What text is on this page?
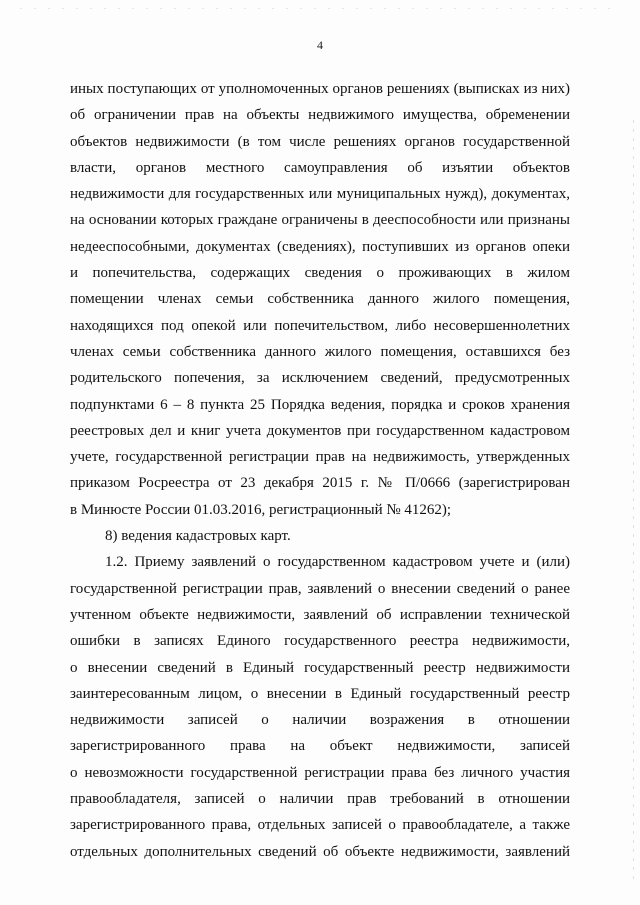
4
иных поступающих от уполномоченных органов решениях (выписках из них)
об ограничении прав на объекты недвижимого имущества, обременении
объектов недвижимости (в том числе решениях органов государственной
власти, органов местного самоуправления об изъятии объектов
недвижимости для государственных или муниципальных нужд), документах,
на основании которых граждане ограничены в дееспособности или признаны
недееспособными, документах (сведениях), поступивших из органов опеки
и попечительства, содержащих сведения о проживающих в жилом
помещении членах семьи собственника данного жилого помещения,
находящихся под опекой или попечительством, либо несовершеннолетних
членах семьи собственника данного жилого помещения, оставшихся без
родительского попечения, за исключением сведений, предусмотренных
подпунктами 6 – 8 пункта 25 Порядка ведения, порядка и сроков хранения
реестровых дел и книг учета документов при государственном кадастровом
учете, государственной регистрации прав на недвижимость, утвержденных
приказом Росреестра от 23 декабря 2015 г. № П/0666 (зарегистрирован
в Минюсте России 01.03.2016, регистрационный № 41262);
8) ведения кадастровых карт.
1.2. Приему заявлений о государственном кадастровом учете и (или)
государственной регистрации прав, заявлений о внесении сведений о ранее
учтенном объекте недвижимости, заявлений об исправлении технической
ошибки в записях Единого государственного реестра недвижимости,
о внесении сведений в Единый государственный реестр недвижимости
заинтересованным лицом, о внесении в Единый государственный реестр
недвижимости записей о наличии возражения в отношении
зарегистрированного права на объект недвижимости, записей
о невозможности государственной регистрации права без личного участия
правообладателя, записей о наличии прав требований в отношении
зарегистрированного права, отдельных записей о правообладателе, а также
отдельных дополнительных сведений об объекте недвижимости, заявлений
